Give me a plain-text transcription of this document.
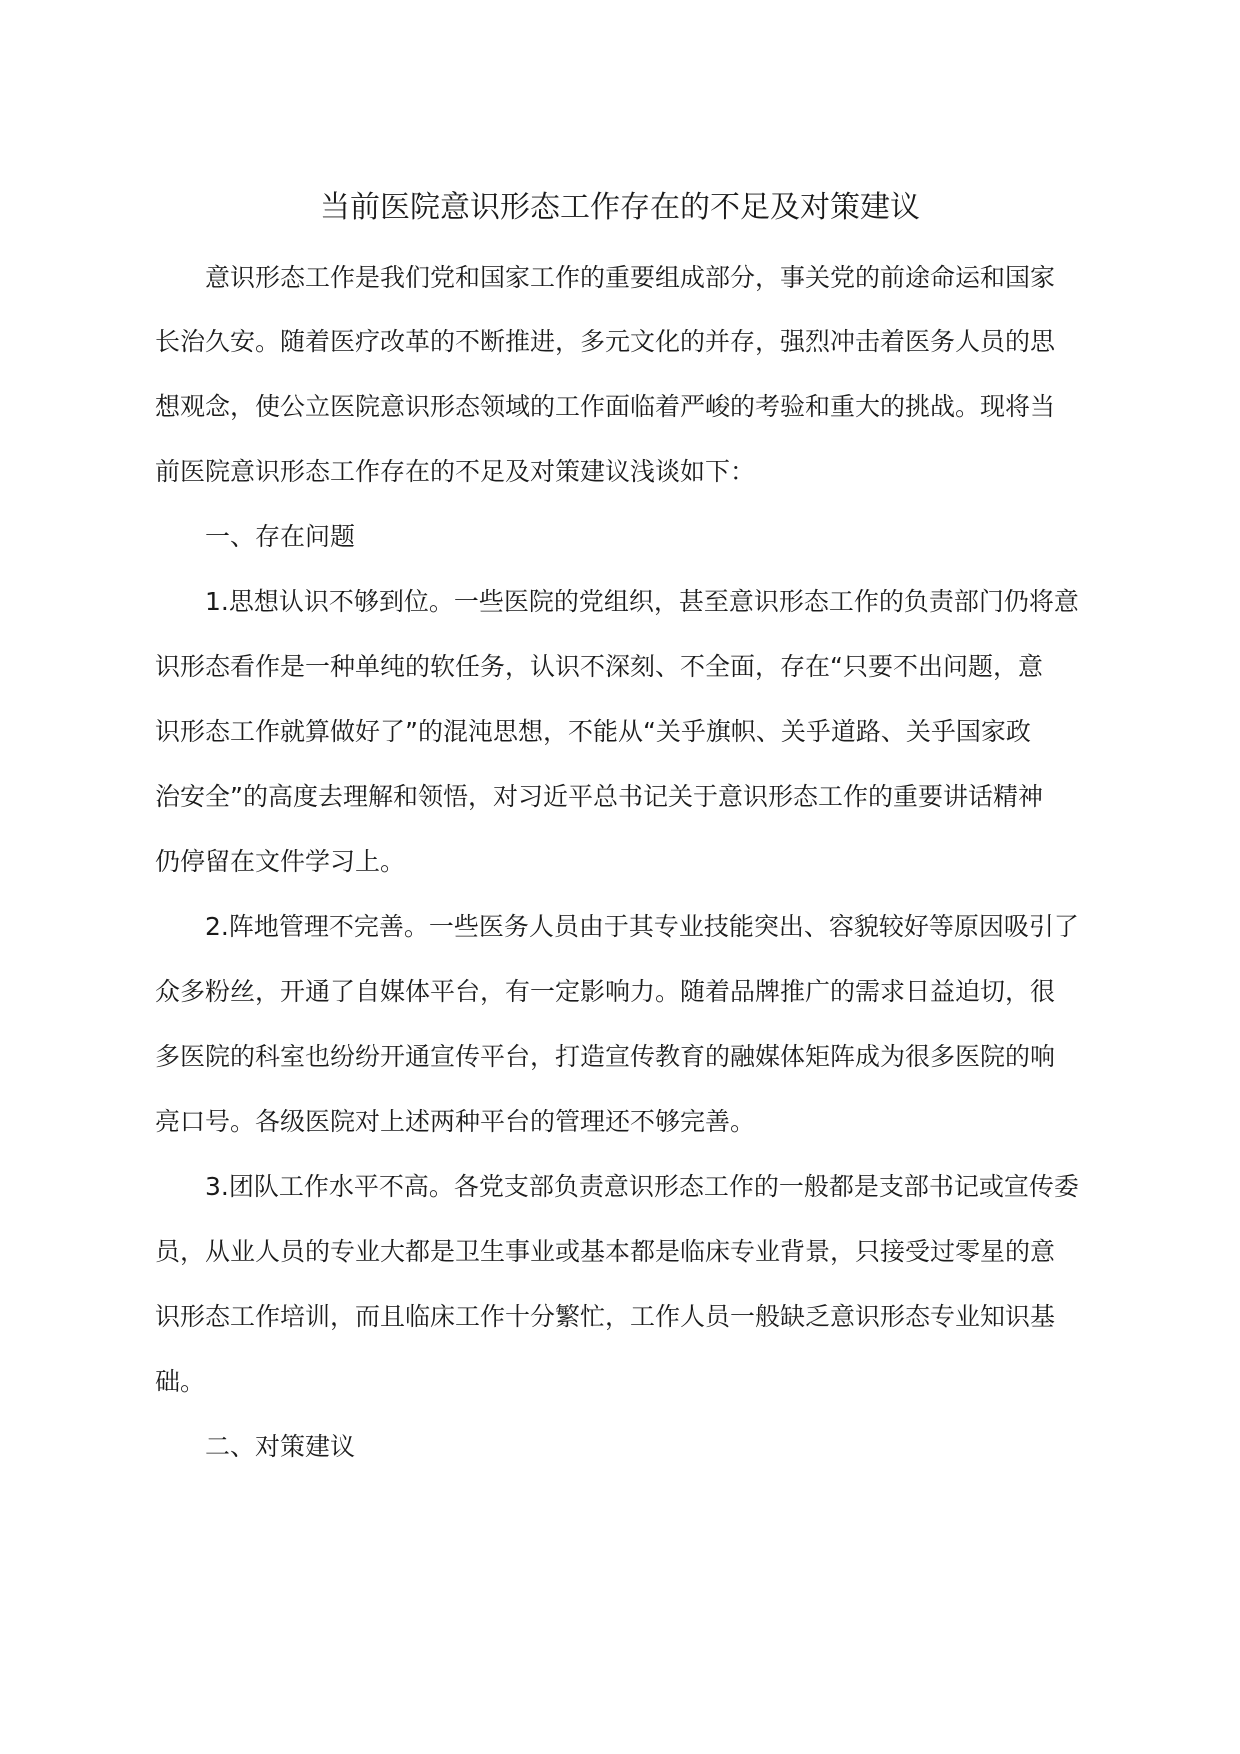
当前医院意识形态工作存在的不足及对策建议

意识形态工作是我们党和国家工作的重要组成部分，事关党的前途命运和国家

长治久安。随着医疗改革的不断推进，多元文化的并存，强烈冲击着医务人员的思

想观念，使公立医院意识形态领域的工作面临着严峻的考验和重大的挑战。现将当

前医院意识形态工作存在的不足及对策建议浅谈如下：

一、存在问题

1.思想认识不够到位。一些医院的党组织，甚至意识形态工作的负责部门仍将意

识形态看作是一种单纯的软任务，认识不深刻、不全面，存在“只要不出问题，意

识形态工作就算做好了”的混沌思想，不能从“关乎旗帜、关乎道路、关乎国家政

治安全”的高度去理解和领悟，对习近平总书记关于意识形态工作的重要讲话精神

仍停留在文件学习上。

2.阵地管理不完善。一些医务人员由于其专业技能突出、容貌较好等原因吸引了

众多粉丝，开通了自媒体平台，有一定影响力。随着品牌推广的需求日益迫切，很

多医院的科室也纷纷开通宣传平台，打造宣传教育的融媒体矩阵成为很多医院的响

亮口号。各级医院对上述两种平台的管理还不够完善。

3.团队工作水平不高。各党支部负责意识形态工作的一般都是支部书记或宣传委

员，从业人员的专业大都是卫生事业或基本都是临床专业背景，只接受过零星的意

识形态工作培训，而且临床工作十分繁忙，工作人员一般缺乏意识形态专业知识基

础。

二、对策建议
